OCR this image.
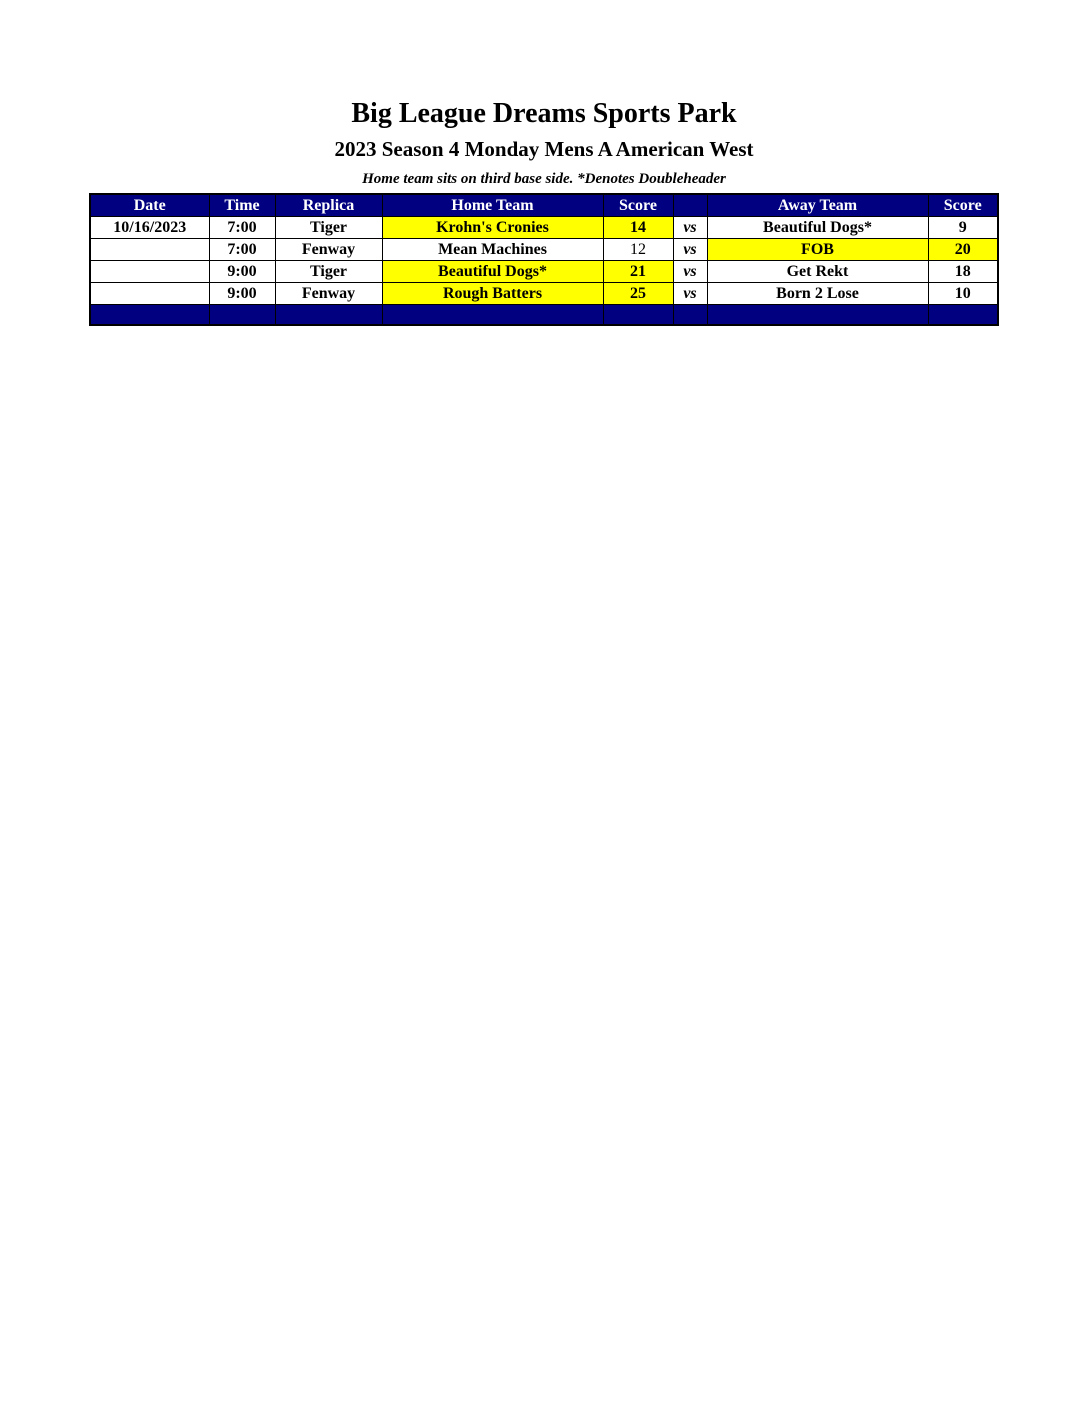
Big League Dreams Sports Park
2023 Season 4 Monday Mens A American West
Home team sits on third base side. *Denotes Doubleheader
Date	Time	Replica	Home Team	Score		Away Team	Score
10/16/2023	7:00	Tiger	Krohn's Cronies	14	vs	Beautiful Dogs*	9
	7:00	Fenway	Mean Machines	12	vs	FOB	20
	9:00	Tiger	Beautiful Dogs*	21	vs	Get Rekt	18
	9:00	Fenway	Rough Batters	25	vs	Born 2 Lose	10
